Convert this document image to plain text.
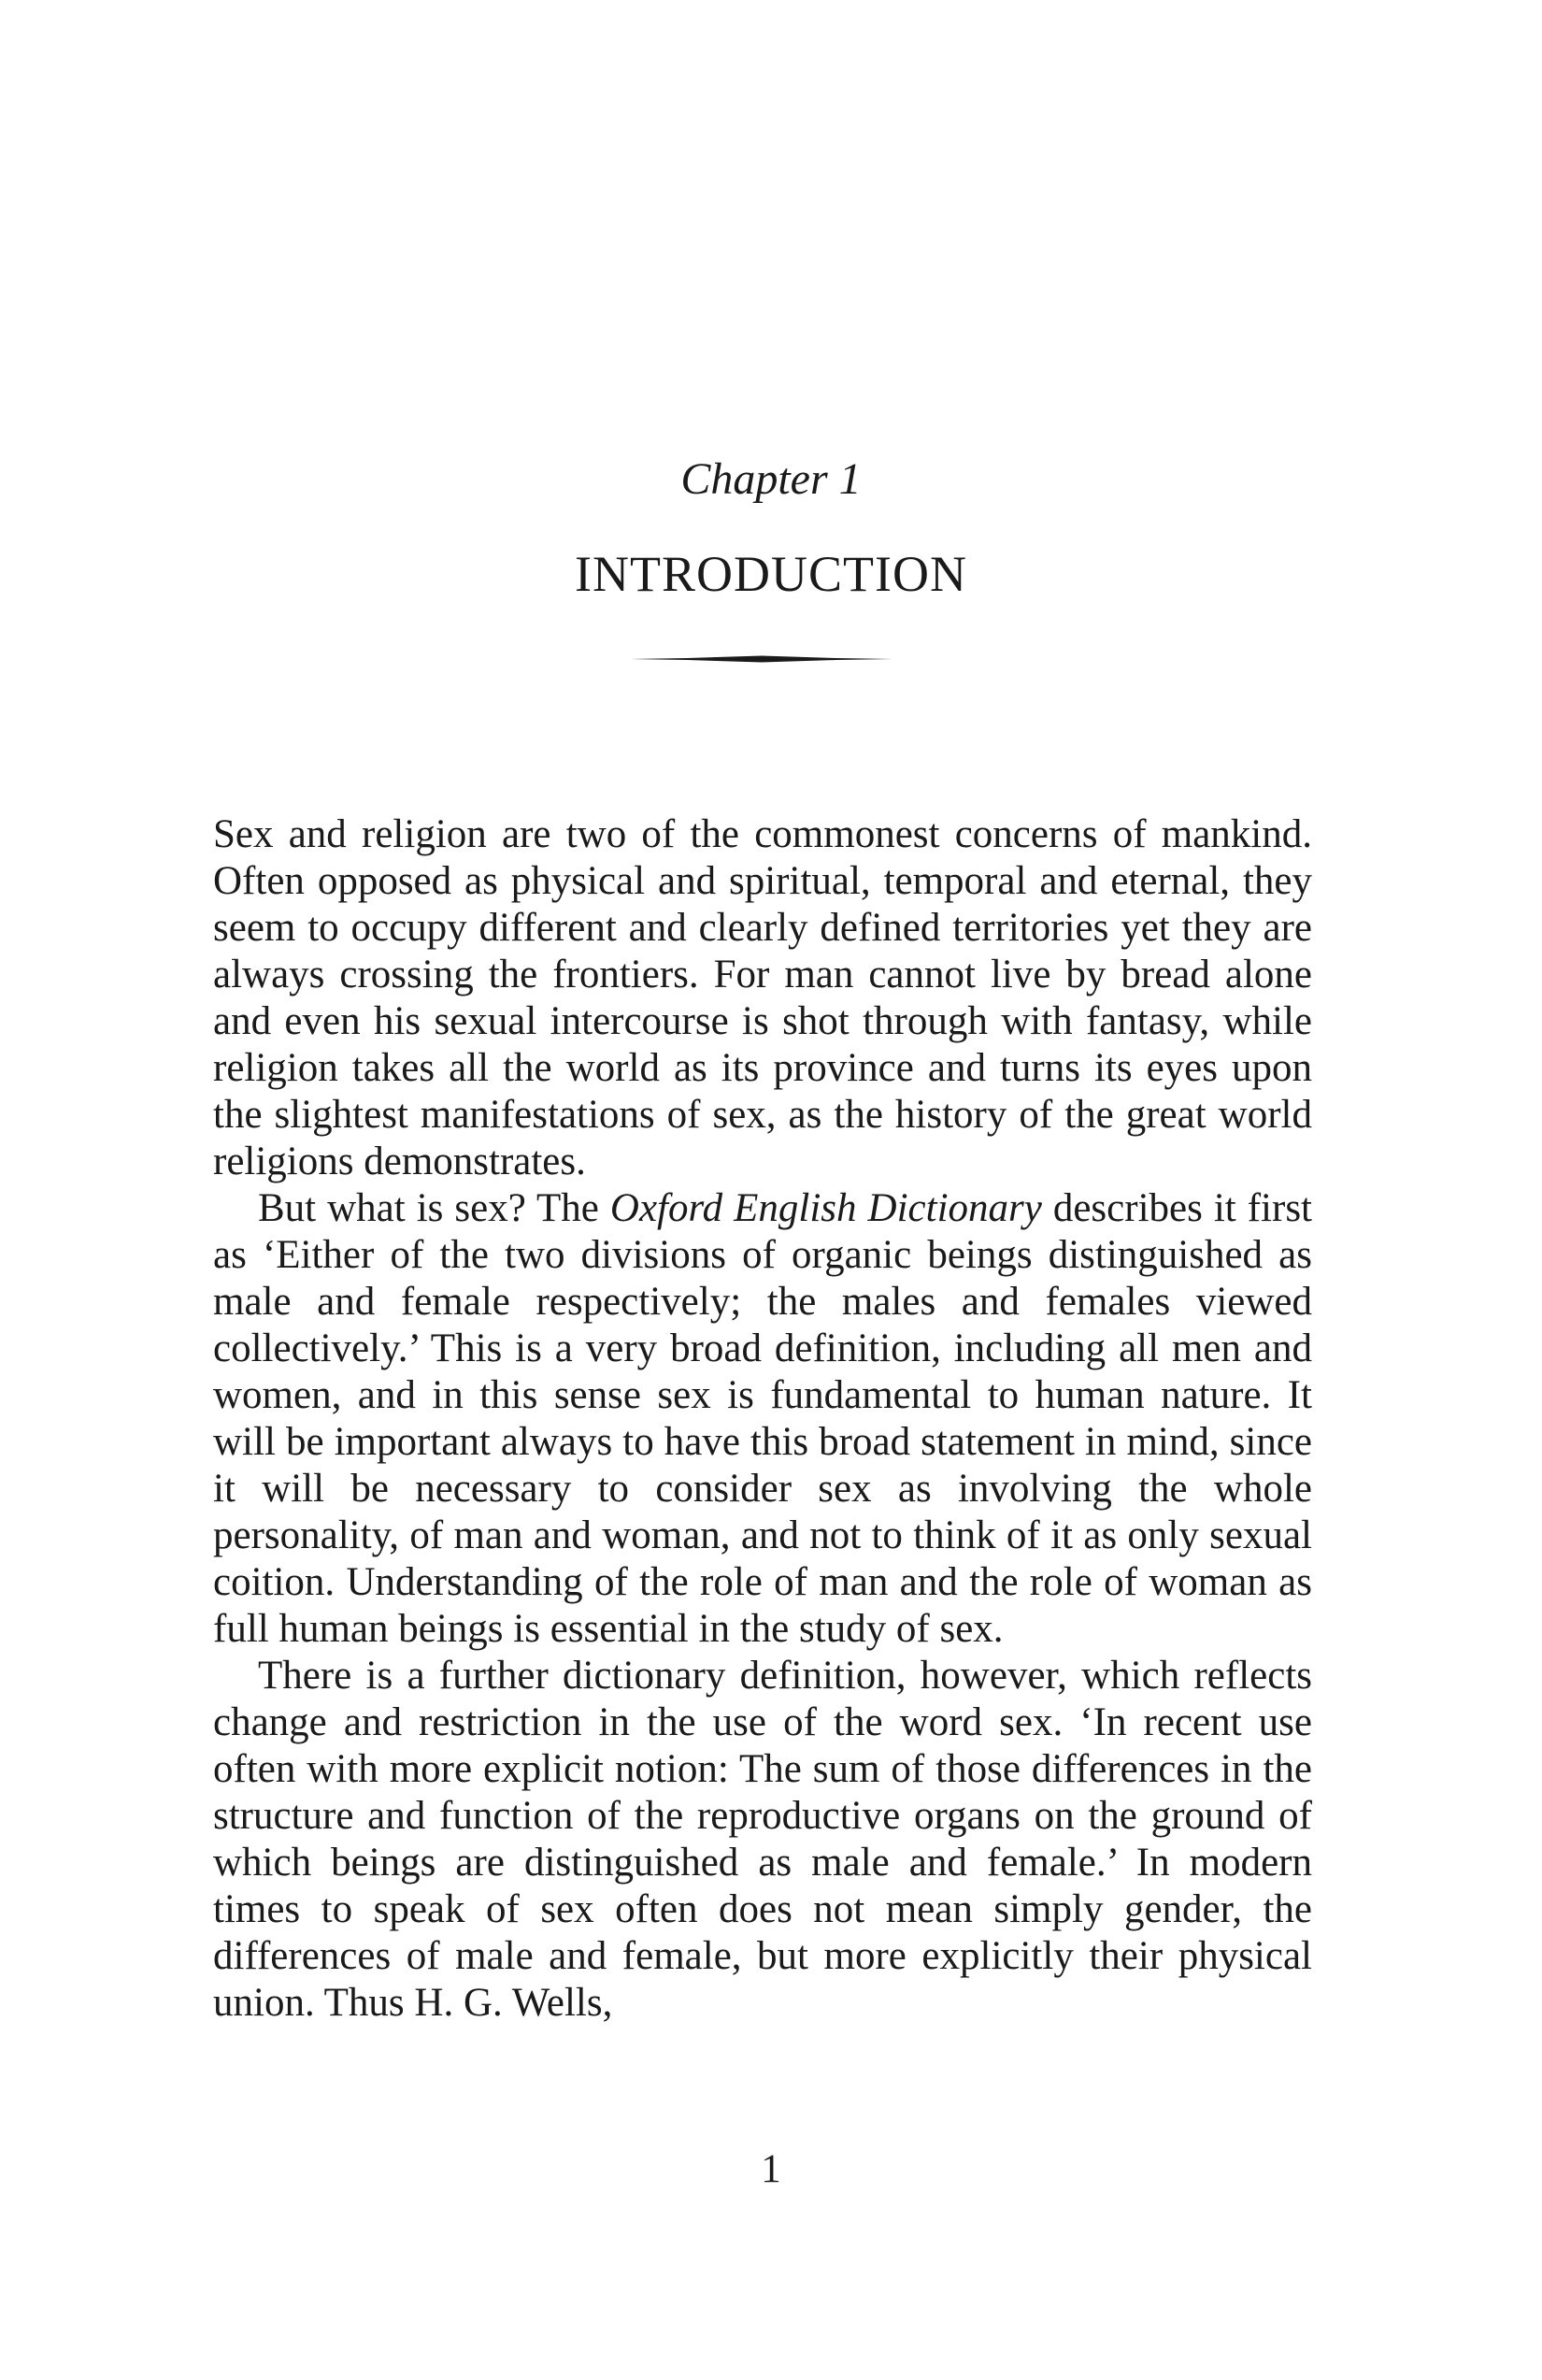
Chapter 1
INTRODUCTION

Sex and religion are two of the commonest concerns of mankind. Often opposed as physical and spiritual, temporal and eternal, they seem to occupy different and clearly defined territories yet they are always crossing the frontiers. For man cannot live by bread alone and even his sexual intercourse is shot through with fantasy, while religion takes all the world as its province and turns its eyes upon the slightest manifestations of sex, as the history of the great world religions demonstrates.

But what is sex? The Oxford English Dictionary describes it first as ‘Either of the two divisions of organic beings distinguished as male and female respectively; the males and females viewed collectively.’ This is a very broad definition, including all men and women, and in this sense sex is fundamental to human nature. It will be important always to have this broad statement in mind, since it will be necessary to consider sex as involving the whole personality, of man and woman, and not to think of it as only sexual coition. Understanding of the role of man and the role of woman as full human beings is essential in the study of sex.

There is a further dictionary definition, however, which reflects change and restriction in the use of the word sex. ‘In recent use often with more explicit notion: The sum of those differences in the structure and function of the reproductive organs on the ground of which beings are distinguished as male and female.’ In modern times to speak of sex often does not mean simply gender, the differences of male and female, but more explicitly their physical union. Thus H. G. Wells,

1
